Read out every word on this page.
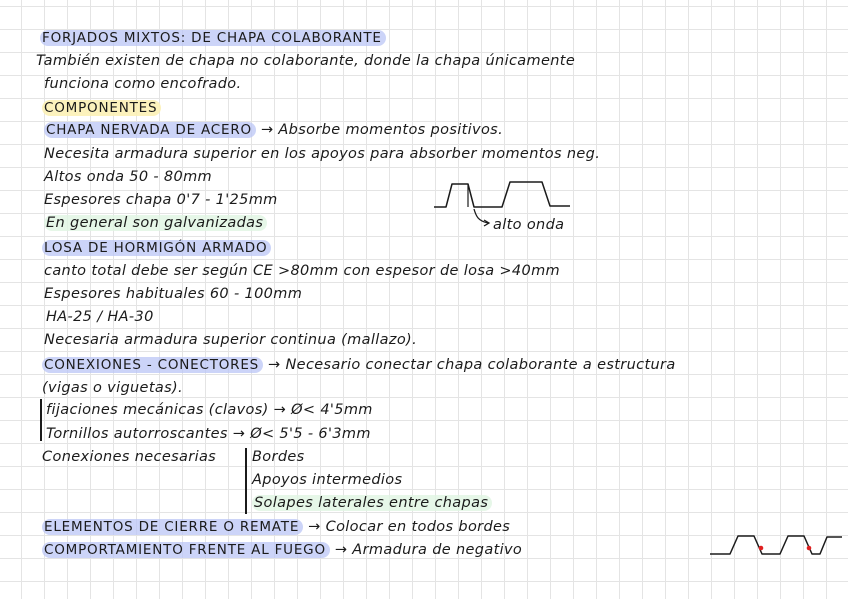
FORJADOS MIXTOS: DE CHAPA COLABORANTE
También existen de chapa no colaborante, donde la chapa únicamente
funciona como encofrado.
COMPONENTES
CHAPA NERVADA DE ACERO → Absorbe momentos positivos.
Necesita armadura superior en los apoyos para absorber momentos neg.
Altos onda 50 - 80mm
Espesores chapa 0'7 - 1'25mm
En general son galvanizadas	alto onda
LOSA DE HORMIGÓN ARMADO
canto total debe ser según CE >80mm con espesor de losa >40mm
Espesores habituales 60 - 100mm
HA-25 / HA-30
Necesaria armadura superior continua (mallazo).
CONEXIONES - CONECTORES → Necesario conectar chapa colaborante a estructura
(vigas o viguetas).
fijaciones mecánicas (clavos) → Ø< 4'5mm
Tornillos autorroscantes → Ø< 5'5 - 6'3mm
Conexiones necesarias Bordes
Apoyos intermedios
Solapes laterales entre chapas
ELEMENTOS DE CIERRE O REMATE → Colocar en todos bordes
COMPORTAMIENTO FRENTE AL FUEGO → Armadura de negativo
